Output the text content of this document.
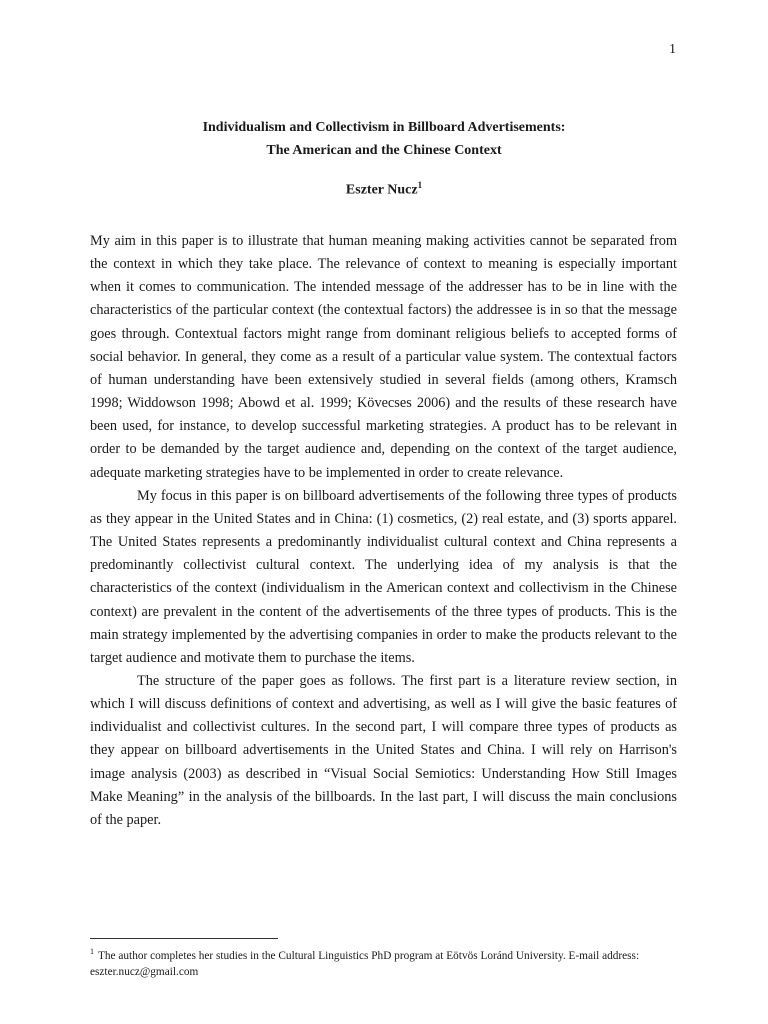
1

Individualism and Collectivism in Billboard Advertisements:

The American and the Chinese Context

Eszter Nucz$^1$

My aim in this paper is to illustrate that human meaning making activities cannot be separated from the context in which they take place. The relevance of context to meaning is especially important when it comes to communication. The intended message of the addresser has to be in line with the characteristics of the particular context (the contextual factors) the addressee is in so that the message goes through. Contextual factors might range from dominant religious beliefs to accepted forms of social behavior. In general, they come as a result of a particular value system. The contextual factors of human understanding have been extensively studied in several fields (among others, Kramsch 1998; Widdowson 1998; Abowd et al. 1999; Kövecses 2006) and the results of these research have been used, for instance, to develop successful marketing strategies. A product has to be relevant in order to be demanded by the target audience and, depending on the context of the target audience, adequate marketing strategies have to be implemented in order to create relevance.

My focus in this paper is on billboard advertisements of the following three types of products as they appear in the United States and in China: (1) cosmetics, (2) real estate, and (3) sports apparel. The United States represents a predominantly individualist cultural context and China represents a predominantly collectivist cultural context. The underlying idea of my analysis is that the characteristics of the context (individualism in the American context and collectivism in the Chinese context) are prevalent in the content of the advertisements of the three types of products. This is the main strategy implemented by the advertising companies in order to make the products relevant to the target audience and motivate them to purchase the items.

The structure of the paper goes as follows. The first part is a literature review section, in which I will discuss definitions of context and advertising, as well as I will give the basic features of individualist and collectivist cultures. In the second part, I will compare three types of products as they appear on billboard advertisements in the United States and China. I will rely on Harrison's image analysis (2003) as described in “Visual Social Semiotics: Understanding How Still Images Make Meaning” in the analysis of the billboards. In the last part, I will discuss the main conclusions of the paper.

$^1$ The author completes her studies in the Cultural Linguistics PhD program at Eötvös Loránd University. E-mail address: eszter.nucz@gmail.com
